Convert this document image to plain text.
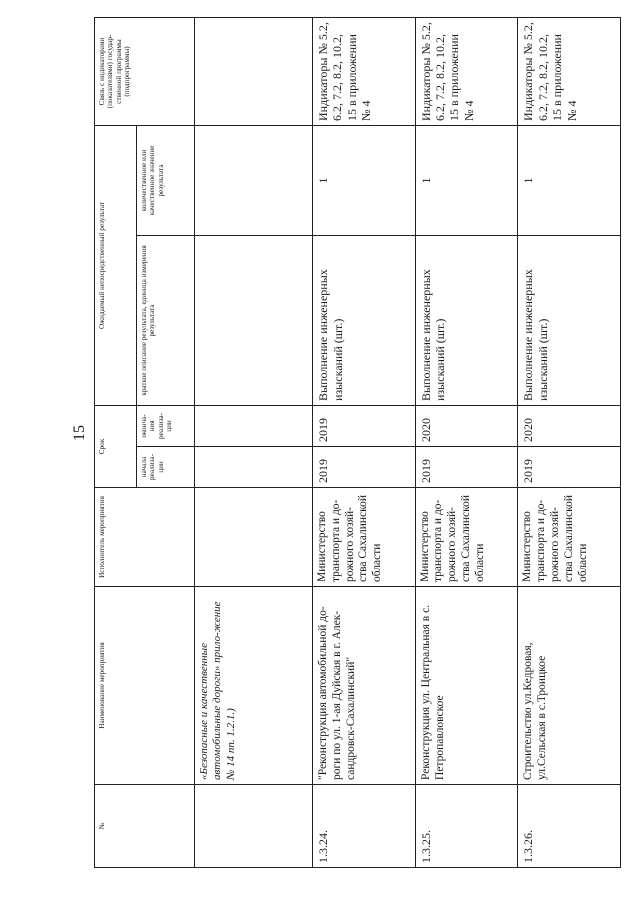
15
№	Наименование мероприятия	Исполнитель мероприятия	Срок		Ожидаемый непосредственный результат		Связь с индикаторами (показателями) государ-ственной программы (подпрограммы)
			начала реализа-ции	оконча-ния реализа-ции	краткое описание результата, единица измерения результата	количественное или качественное значение результата	
	«Безопасные и качественные автомобильные дороги» прило-жение № 14 пп. 1.2.1.)						
1.3.24.	"Реконструкция автомобильной до-роги по ул. 1-ая Дуйская в г. Алек-сандровск-Сахалинский"	Министерство транспорта и до-рожного хозяй-ства Сахалинской области	2019	2019	Выполнение инженерных изысканий (шт.)	1	Индикаторы № 5.2, 6.2, 7.2, 8.2, 10.2, 15 в приложении № 4
1.3.25.	Реконструкция ул. Центральная в с. Петропавловское	Министерство транспорта и до-рожного хозяй-ства Сахалинской области	2019	2020	Выполнение инженерных изысканий (шт.)	1	Индикаторы № 5.2, 6.2, 7.2, 8.2, 10.2, 15 в приложении № 4
1.3.26.	Строительство ул.Кедровая, ул.Сельская в с.Троицкое	Министерство транспорта и до-рожного хозяй-ства Сахалинской области	2019	2020	Выполнение инженерных изысканий (шт.)	1	Индикаторы № 5.2, 6.2, 7.2, 8.2, 10.2, 15 в приложении № 4
